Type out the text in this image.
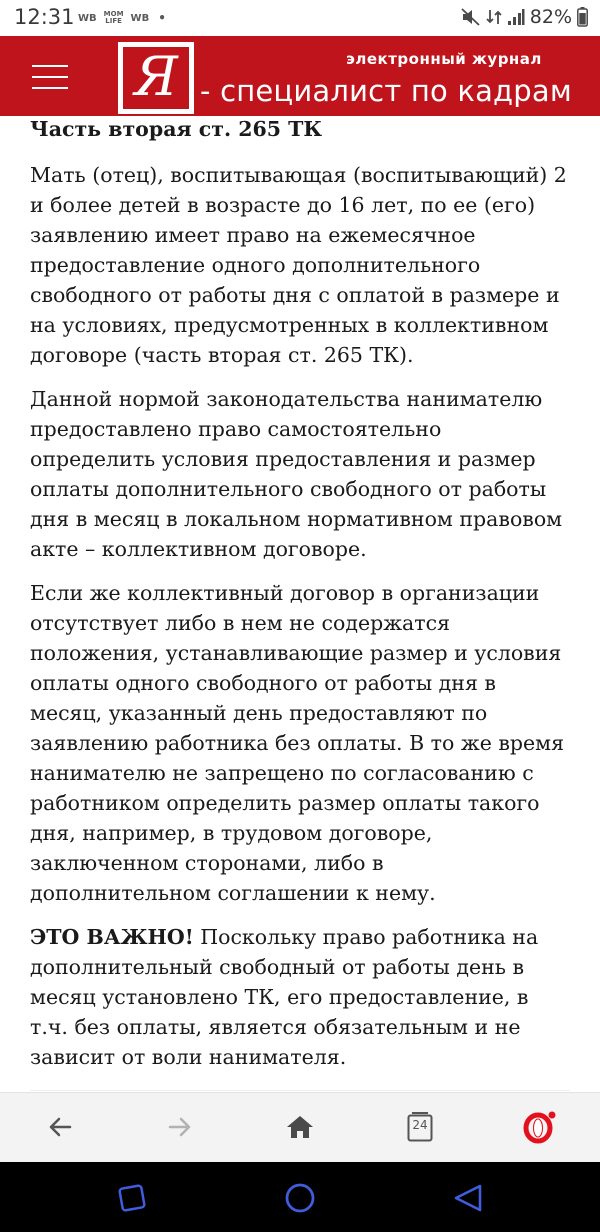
12:31 WB MOM
LIFE WB •	82%
Я	электронный журнал
- специалист по кадрам
Часть вторая ст. 265 ТК

Мать (отец), воспитывающая (воспитывающий) 2 и более детей в возрасте до 16 лет, по ее (его) заявлению имеет право на ежемесячное предоставление одного дополнительного свободного от работы дня с оплатой в размере и на условиях, предусмотренных в коллективном договоре (часть вторая ст. 265 ТК).

Данной нормой законодательства нанимателю предоставлено право самостоятельно определить условия предоставления и размер оплаты дополнительного свободного от работы дня в месяц в локальном нормативном правовом акте – коллективном договоре.

Если же коллективный договор в организации отсутствует либо в нем не содержатся положения, устанавливающие размер и условия оплаты одного свободного от работы дня в месяц, указанный день предоставляют по заявлению работника без оплаты. В то же время нанимателю не запрещено по согласованию с работником определить размер оплаты такого дня, например, в трудовом договоре, заключенном сторонами, либо в дополнительном соглашении к нему.

ЭТО ВАЖНО! Поскольку право работника на дополнительный свободный от работы день в месяц установлено ТК, его предоставление, в т.ч. без оплаты, является обязательным и не зависит от воли нанимателя.

24
